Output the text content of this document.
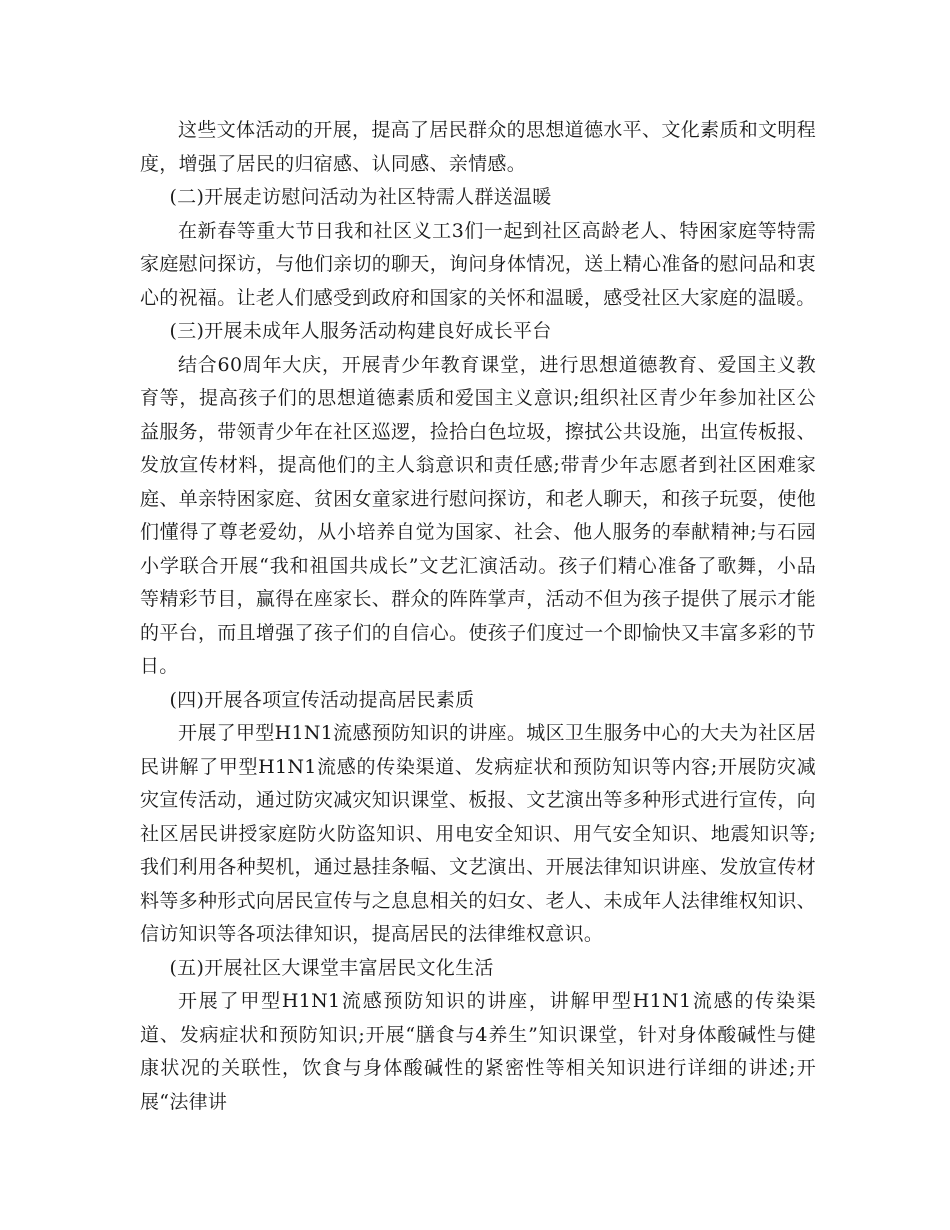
这些文体活动的开展，提高了居民群众的思想道德水平、文化素质和文明程度，增强了居民的归宿感、认同感、亲情感。

(二)开展走访慰问活动为社区特需人群送温暖

在新春等重大节日我和社区义工3们一起到社区高龄老人、特困家庭等特需家庭慰问探访，与他们亲切的聊天，询问身体情况，送上精心准备的慰问品和衷心的祝福。让老人们感受到政府和国家的关怀和温暖，感受社区大家庭的温暖。

(三)开展未成年人服务活动构建良好成长平台

结合60周年大庆，开展青少年教育课堂，进行思想道德教育、爱国主义教育等，提高孩子们的思想道德素质和爱国主义意识;组织社区青少年参加社区公益服务，带领青少年在社区巡逻，捡拾白色垃圾，擦拭公共设施，出宣传板报、发放宣传材料，提高他们的主人翁意识和责任感;带青少年志愿者到社区困难家庭、单亲特困家庭、贫困女童家进行慰问探访，和老人聊天，和孩子玩耍，使他们懂得了尊老爱幼，从小培养自觉为国家、社会、他人服务的奉献精神;与石园小学联合开展“我和祖国共成长”文艺汇演活动。孩子们精心准备了歌舞，小品等精彩节目，赢得在座家长、群众的阵阵掌声，活动不但为孩子提供了展示才能的平台，而且增强了孩子们的自信心。使孩子们度过一个即愉快又丰富多彩的节日。

(四)开展各项宣传活动提高居民素质

开展了甲型H1N1流感预防知识的讲座。城区卫生服务中心的大夫为社区居民讲解了甲型H1N1流感的传染渠道、发病症状和预防知识等内容;开展防灾减灾宣传活动，通过防灾减灾知识课堂、板报、文艺演出等多种形式进行宣传，向社区居民讲授家庭防火防盗知识、用电安全知识、用气安全知识、地震知识等;我们利用各种契机，通过悬挂条幅、文艺演出、开展法律知识讲座、发放宣传材料等多种形式向居民宣传与之息息相关的妇女、老人、未成年人法律维权知识、信访知识等各项法律知识，提高居民的法律维权意识。

(五)开展社区大课堂丰富居民文化生活

开展了甲型H1N1流感预防知识的讲座，讲解甲型H1N1流感的传染渠道、发病症状和预防知识;开展“膳食与4养生”知识课堂，针对身体酸碱性与健康状况的关联性，饮食与身体酸碱性的紧密性等相关知识进行详细的讲述;开展“法律讲
